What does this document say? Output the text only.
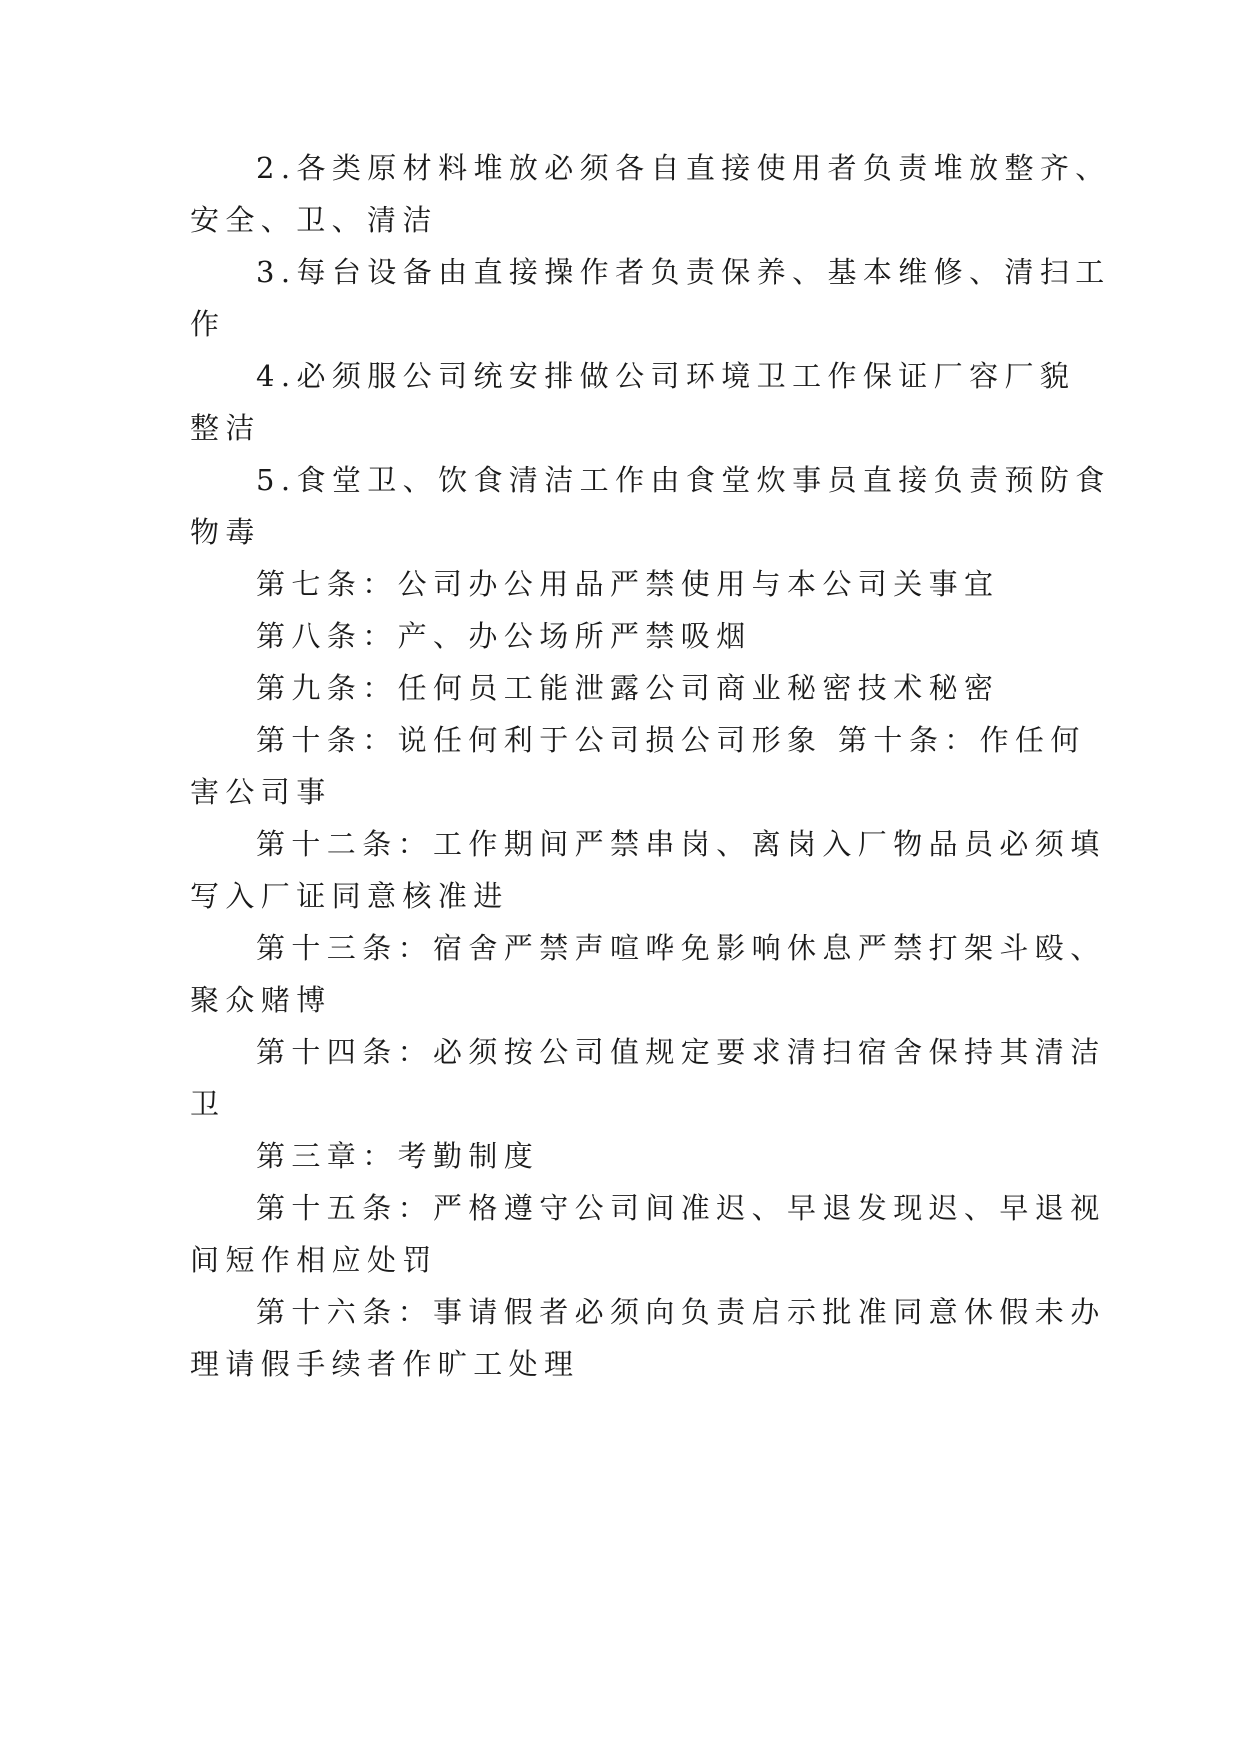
2.各类原材料堆放必须各自直接使用者负责堆放整齐、
安全、卫、清洁
3.每台设备由直接操作者负责保养、基本维修、清扫工
作
4.必须服公司统安排做公司环境卫工作保证厂容厂貌
整洁
5.食堂卫、饮食清洁工作由食堂炊事员直接负责预防食
物毒
第七条：公司办公用品严禁使用与本公司关事宜
第八条：产、办公场所严禁吸烟
第九条：任何员工能泄露公司商业秘密技术秘密
第十条：说任何利于公司损公司形象 第十条：作任何
害公司事
第十二条：工作期间严禁串岗、离岗入厂物品员必须填
写入厂证同意核准进
第十三条：宿舍严禁声喧哗免影响休息严禁打架斗殴、
聚众赌博
第十四条：必须按公司值规定要求清扫宿舍保持其清洁
卫
第三章：考勤制度
第十五条：严格遵守公司间准迟、早退发现迟、早退视
间短作相应处罚
第十六条：事请假者必须向负责启示批准同意休假未办
理请假手续者作旷工处理
